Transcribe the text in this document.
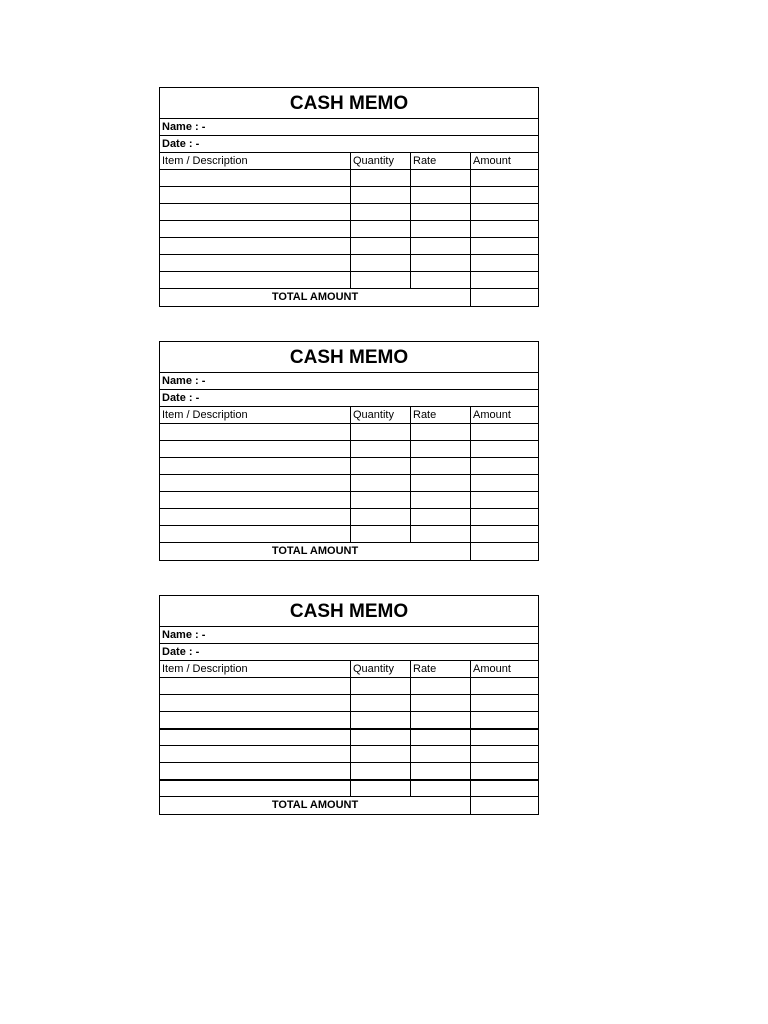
CASH MEMO			
Name : -			
Date : -			
Item / Description	Quantity	Rate	Amount

TOTAL AMOUNT			
CASH MEMO			
Name : -			
Date : -			
Item / Description	Quantity	Rate	Amount

TOTAL AMOUNT			
CASH MEMO			
Name : -			
Date : -			
Item / Description	Quantity	Rate	Amount

TOTAL AMOUNT			
